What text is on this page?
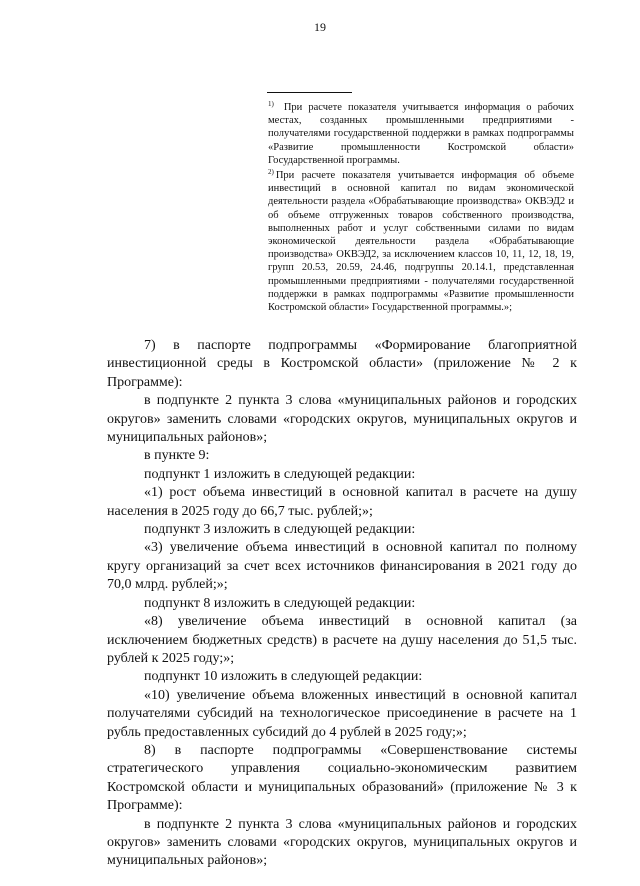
19

$^{1)}$ При расчете показателя учитывается информация о рабочих местах, созданных промышленными предприятиями - получателями государственной поддержки в рамках подпрограммы «Развитие промышленности Костромской области» Государственной программы.

$^{2)}$ При расчете показателя учитывается информация об объеме инвестиций в основной капитал по видам экономической деятельности раздела «Обрабатывающие производства» ОКВЭД2 и об объеме отгруженных товаров собственного производства, выполненных работ и услуг собственными силами по видам экономической деятельности раздела «Обрабатывающие производства» ОКВЭД2, за исключением классов 10, 11, 12, 18, 19, групп 20.53, 20.59, 24.46, подгруппы 20.14.1, представленная промышленными предприятиями - получателями государственной поддержки в рамках подпрограммы «Развитие промышленности Костромской области» Государственной программы.»;

7) в паспорте подпрограммы «Формирование благоприятной инвестиционной среды в Костромской области» (приложение № 2 к Программе):

в подпункте 2 пункта 3 слова «муниципальных районов и городских округов» заменить словами «городских округов, муниципальных округов и муниципальных районов»;

в пункте 9:

подпункт 1 изложить в следующей редакции:

«1) рост объема инвестиций в основной капитал в расчете на душу населения в 2025 году до 66,7 тыс. рублей;»;

подпункт 3 изложить в следующей редакции:

«3) увеличение объема инвестиций в основной капитал по полному кругу организаций за счет всех источников финансирования в 2021 году до 70,0 млрд. рублей;»;

подпункт 8 изложить в следующей редакции:

«8) увеличение объема инвестиций в основной капитал (за исключением бюджетных средств) в расчете на душу населения до 51,5 тыс. рублей к 2025 году;»;

подпункт 10 изложить в следующей редакции:

«10) увеличение объема вложенных инвестиций в основной капитал получателями субсидий на технологическое присоединение в расчете на 1 рубль предоставленных субсидий до 4 рублей в 2025 году;»;

8) в паспорте подпрограммы «Совершенствование системы стратегического управления социально-экономическим развитием Костромской области и муниципальных образований» (приложение № 3 к Программе):

в подпункте 2 пункта 3 слова «муниципальных районов и городских округов» заменить словами «городских округов, муниципальных округов и муниципальных районов»;
